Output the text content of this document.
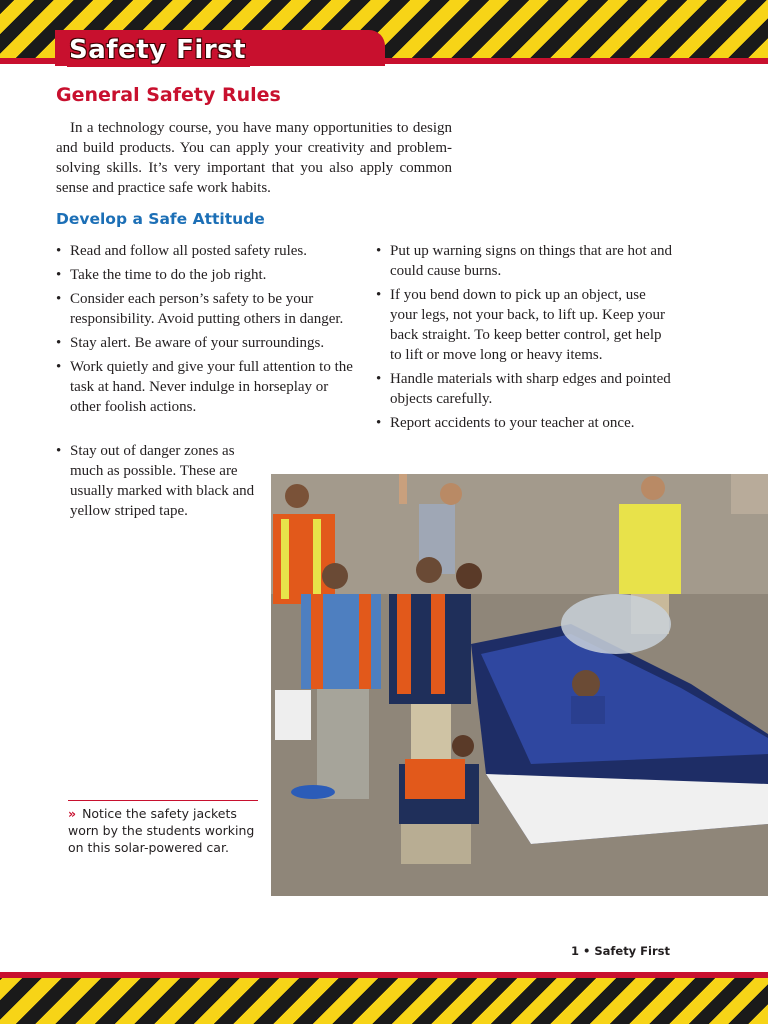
Safety First
General Safety Rules

In a technology course, you have many opportunities to design and build products. You can apply your creativity and problem-solving skills. It’s very important that you also apply common sense and practice safe work habits.

Develop a Safe Attitude
• Read and follow all posted safety rules.
• Take the time to do the job right.
• Consider each person’s safety to be your responsibility. Avoid putting others in danger.
• Stay alert. Be aware of your surroundings.
• Work quietly and give your full attention to the task at hand. Never indulge in horseplay or other foolish actions.
• Stay out of danger zones as much as possible. These are usually marked with black and yellow striped tape.
• Put up warning signs on things that are hot and could cause burns.
• If you bend down to pick up an object, use your legs, not your back, to lift up. Keep your back straight. To keep better control, get help to lift or move long or heavy items.
• Handle materials with sharp edges and pointed objects carefully.
• Report accidents to your teacher at once.

» Notice the safety jackets worn by the students working on this solar-powered car.

1 • Safety First
